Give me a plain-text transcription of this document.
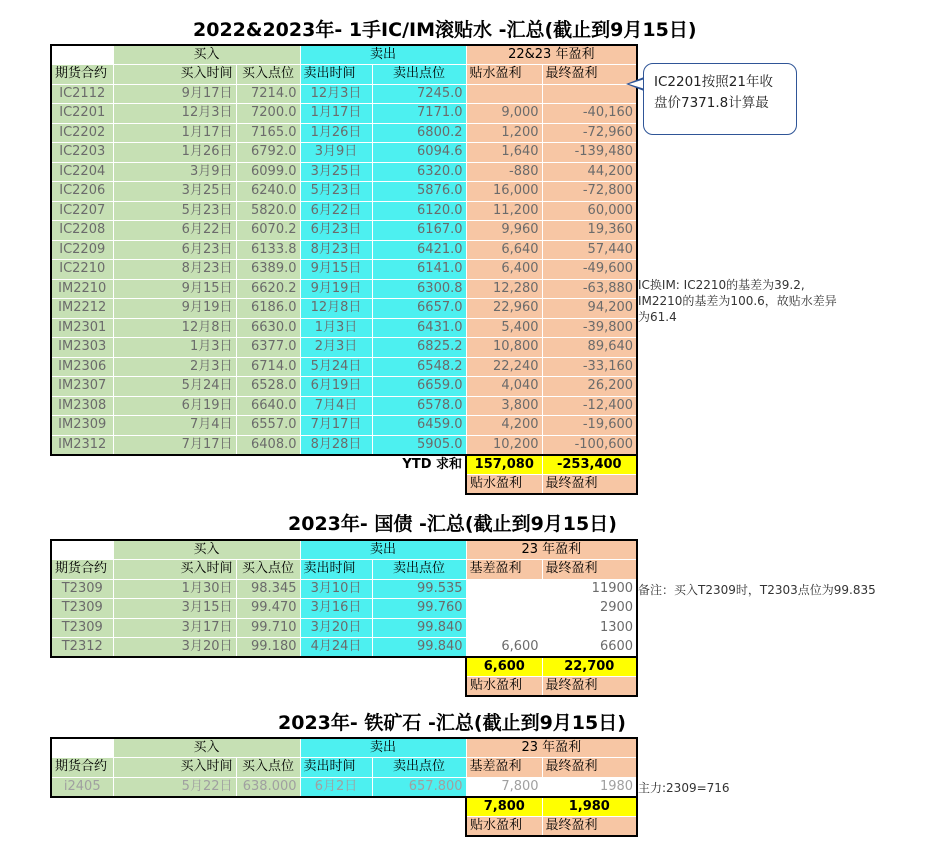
2022&2023年- 1手IC/IM滚贴水 -汇总(截止到9月15日)
	买入		卖出		22&23 年盈利	
期货合约	买入时间	买入点位	卖出时间	卖出点位	贴水盈利	最终盈利
IC2112	9月17日	7214.0	12月3日	7245.0		
IC2201	12月3日	7200.0	1月17日	7171.0	9,000	-40,160
IC2202	1月17日	7165.0	1月26日	6800.2	1,200	-72,960
IC2203	1月26日	6792.0	3月9日	6094.6	1,640	-139,480
IC2204	3月9日	6099.0	3月25日	6320.0	-880	44,200
IC2206	3月25日	6240.0	5月23日	5876.0	16,000	-72,800
IC2207	5月23日	5820.0	6月22日	6120.0	11,200	60,000
IC2208	6月22日	6070.2	6月23日	6167.0	9,960	19,360
IC2209	6月23日	6133.8	8月23日	6421.0	6,640	57,440
IC2210	8月23日	6389.0	9月15日	6141.0	6,400	-49,600
IM2210	9月15日	6620.2	9月19日	6300.8	12,280	-63,880
IM2212	9月19日	6186.0	12月8日	6657.0	22,960	94,200
IM2301	12月8日	6630.0	1月3日	6431.0	5,400	-39,800
IM2303	1月3日	6377.0	2月3日	6825.2	10,800	89,640
IM2306	2月3日	6714.0	5月24日	6548.2	22,240	-33,160
IM2307	5月24日	6528.0	6月19日	6659.0	4,040	26,200
IM2308	6月19日	6640.0	7月4日	6578.0	3,800	-12,400
IM2309	7月4日	6557.0	7月17日	6459.0	4,200	-19,600
IM2312	7月17日	6408.0	8月28日	5905.0	10,200	-100,600
				YTD 求和	157,080	-253,400
					贴水盈利	最终盈利
IC2201按照21年收盘价7371.8计算最
IC换IM: IC2210的基差为39.2,
IM2210的基差为100.6，故贴水差异
为61.4
2023年- 国债 -汇总(截止到9月15日)
	买入		卖出		23 年盈利	
期货合约	买入时间	买入点位	卖出时间	卖出点位	基差盈利	最终盈利
T2309	1月30日	98.345	3月10日	99.535		11900
T2309	3月15日	99.470	3月16日	99.760		2900
T2309	3月17日	99.710	3月20日	99.840		1300
T2312	3月20日	99.180	4月24日	99.840	6,600	6600
					6,600	22,700
					贴水盈利	最终盈利
备注：买入T2309时，T2303点位为99.835
2023年- 铁矿石 -汇总(截止到9月15日)
	买入		卖出		23 年盈利	
期货合约	买入时间	买入点位	卖出时间	卖出点位	基差盈利	最终盈利
i2405	5月22日	638.000	6月2日	657.800	7,800	1980
					7,800	1,980
					贴水盈利	最终盈利
主力:2309=716
